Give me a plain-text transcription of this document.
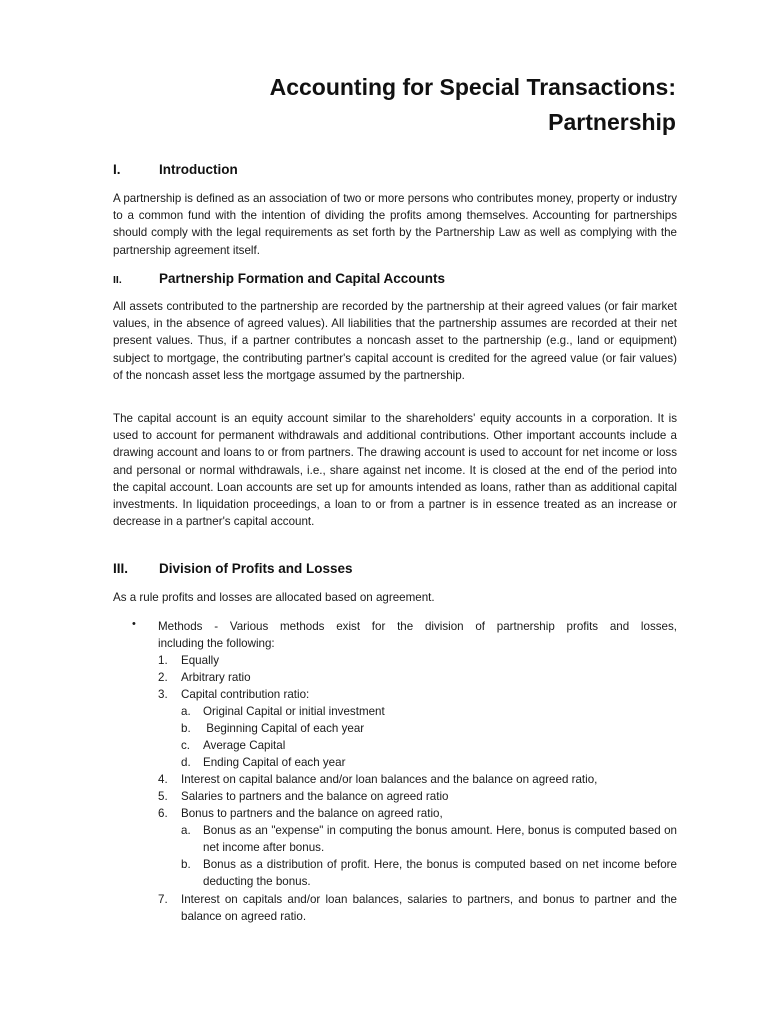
Accounting for Special Transactions:
Partnership
I.	Introduction
A partnership is defined as an association of two or more persons who contributes money, property or industry to a common fund with the intention of dividing the profits among themselves. Accounting for partnerships should comply with the legal requirements as set forth by the Partnership Law as well as complying with the partnership agreement itself.
II.	Partnership Formation and Capital Accounts
All assets contributed to the partnership are recorded by the partnership at their agreed values (or fair market values, in the absence of agreed values). All liabilities that the partnership assumes are recorded at their net present values. Thus, if a partner contributes a noncash asset to the partnership (e.g., land or equipment) subject to mortgage, the contributing partner's capital account is credited for the agreed value (or fair values) of the noncash asset less the mortgage assumed by the partnership.
The capital account is an equity account similar to the shareholders' equity accounts in a corporation. It is used to account for permanent withdrawals and additional contributions. Other important accounts include a drawing account and loans to or from partners. The drawing account is used to account for net income or loss and personal or normal withdrawals, i.e., share against net income. It is closed at the end of the period into the capital account. Loan accounts are set up for amounts intended as loans, rather than as additional capital investments. In liquidation proceedings, a loan to or from a partner is in essence treated as an increase or decrease in a partner's capital account.
III. Division of Profits and Losses
As a rule profits and losses are allocated based on agreement.
• Methods - Various methods exist for the division of partnership profits and losses,
including the following:
1. Equally
2. Arbitrary ratio
3. Capital contribution ratio:
a. Original Capital or initial investment
b. Beginning Capital of each year
c. Average Capital
d. Ending Capital of each year
4. Interest on capital balance and/or loan balances and the balance on agreed ratio,
5. Salaries to partners and the balance on agreed ratio
6. Bonus to partners and the balance on agreed ratio,
a. Bonus as an "expense" in computing the bonus amount. Here, bonus is computed based on net income after bonus.
b. Bonus as a distribution of profit. Here, the bonus is computed based on net income before deducting the bonus.
7. Interest on capitals and/or loan balances, salaries to partners, and bonus to partner and the balance on agreed ratio.
